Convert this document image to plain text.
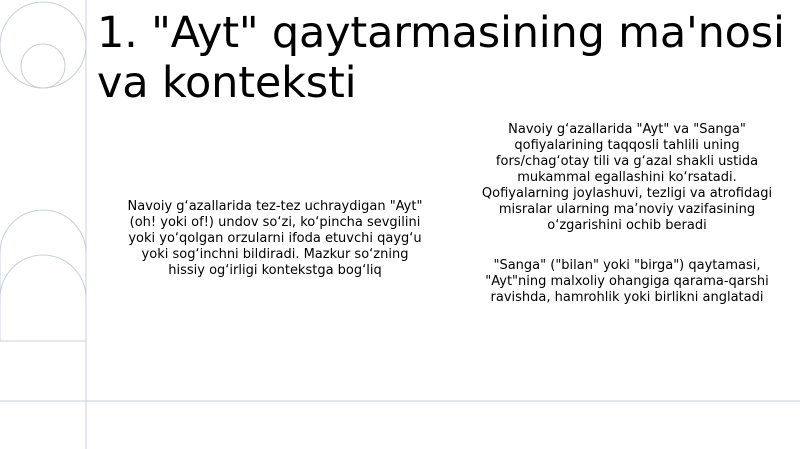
1. "Ayt" qaytarmasining ma'nosi
va konteksti
Navoiy g‘azallarida tez-tez uchraydigan "Ayt"
(oh! yoki of!) undov so‘zi, ko‘pincha sevgilini
yoki yo‘qolgan orzularni ifoda etuvchi qayg‘u
yoki sog‘inchni bildiradi. Mazkur so‘zning
hissiy og‘irligi kontekstga bog‘liq
Navoiy g‘azallarida "Ayt" va "Sanga"
qofiyalarining taqqosli tahlili uning
fors/chag‘otay tili va g‘azal shakli ustida
mukammal egallashini ko‘rsatadi.
Qofiyalarning joylashuvi, tezligi va atrofidagi
misralar ularning ma’noviy vazifasining
o‘zgarishini ochib beradi
"Sanga" ("bilan" yoki "birga") qaytamasi,
"Ayt"ning malxoliy ohangiga qarama-qarshi
ravishda, hamrohlik yoki birlikni anglatadi
